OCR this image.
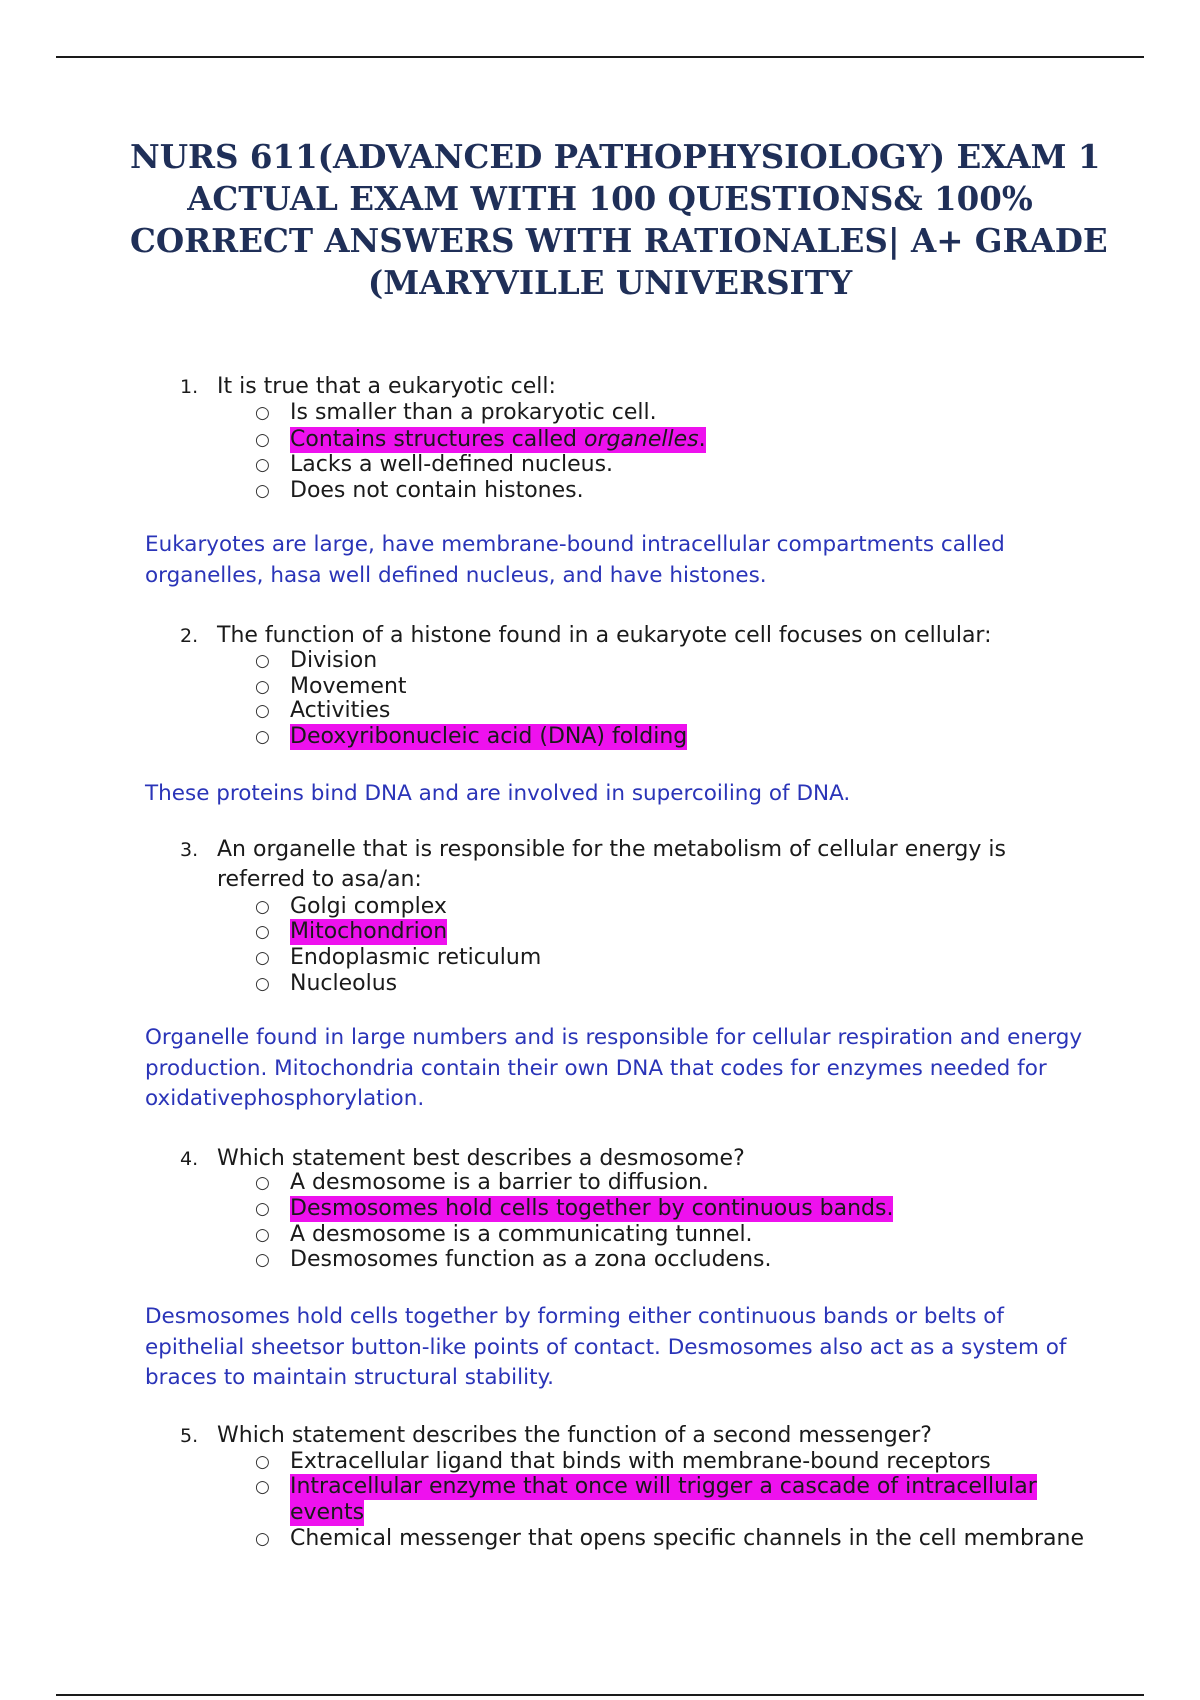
NURS 611(ADVANCED PATHOPHYSIOLOGY) EXAM 1
ACTUAL EXAM WITH 100 QUESTIONS& 100%
CORRECT ANSWERS WITH RATIONALES| A+ GRADE
(MARYVILLE UNIVERSITY
1. It is true that a eukaryotic cell:
○ Is smaller than a prokaryotic cell.
○ Contains structures called organelles.
○ Lacks a well-defined nucleus.
○ Does not contain histones.
Eukaryotes are large, have membrane-bound intracellular compartments called organelles, hasa well defined nucleus, and have histones.
2. The function of a histone found in a eukaryote cell focuses on cellular:
○ Division
○ Movement
○ Activities
○ Deoxyribonucleic acid (DNA) folding
These proteins bind DNA and are involved in supercoiling of DNA.
3. An organelle that is responsible for the metabolism of cellular energy is
referred to asa/an:
○ Golgi complex
○ Mitochondrion
○ Endoplasmic reticulum
○ Nucleolus
Organelle found in large numbers and is responsible for cellular respiration and energy production. Mitochondria contain their own DNA that codes for enzymes needed for oxidativephosphorylation.
4. Which statement best describes a desmosome?
○ A desmosome is a barrier to diffusion.
○ Desmosomes hold cells together by continuous bands.
○ A desmosome is a communicating tunnel.
○ Desmosomes function as a zona occludens.
Desmosomes hold cells together by forming either continuous bands or belts of epithelial sheetsor button-like points of contact. Desmosomes also act as a system of braces to maintain structural stability.
5. Which statement describes the function of a second messenger?
○ Extracellular ligand that binds with membrane-bound receptors
○ Intracellular enzyme that once will trigger a cascade of intracellular
events
○ Chemical messenger that opens specific channels in the cell membrane
